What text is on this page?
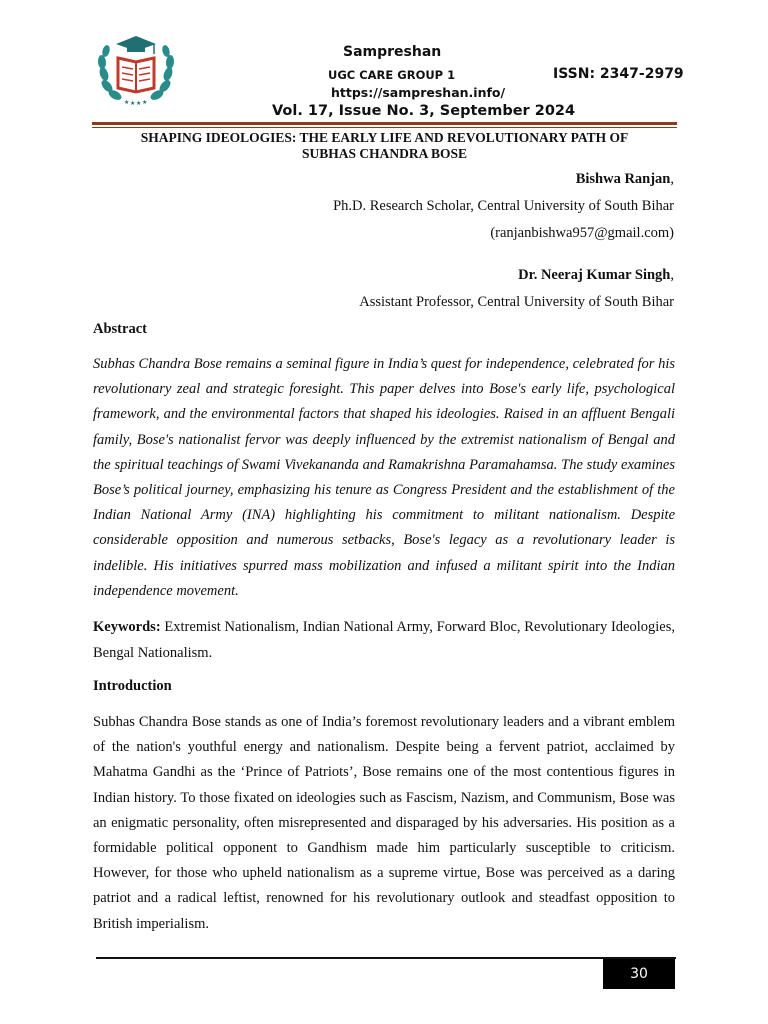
★ ★ ★ ★
Sampreshan
UGC CARE GROUP 1	ISSN: 2347-2979
https://sampreshan.info/
Vol. 17, Issue No. 3, September 2024
SHAPING IDEOLOGIES: THE EARLY LIFE AND REVOLUTIONARY PATH OF
SUBHAS CHANDRA BOSE
Bishwa Ranjan,
Ph.D. Research Scholar, Central University of South Bihar
(ranjanbishwa957@gmail.com)
Dr. Neeraj Kumar Singh,
Assistant Professor, Central University of South Bihar
Abstract
Subhas Chandra Bose remains a seminal figure in India’s quest for independence, celebrated for his revolutionary zeal and strategic foresight. This paper delves into Bose's early life, psychological framework, and the environmental factors that shaped his ideologies. Raised in an affluent Bengali family, Bose's nationalist fervor was deeply influenced by the extremist nationalism of Bengal and the spiritual teachings of Swami Vivekananda and Ramakrishna Paramahamsa. The study examines Bose’s political journey, emphasizing his tenure as Congress President and the establishment of the Indian National Army (INA) highlighting his commitment to militant nationalism. Despite considerable opposition and numerous setbacks, Bose's legacy as a revolutionary leader is indelible. His initiatives spurred mass mobilization and infused a militant spirit into the Indian independence movement.
Keywords: Extremist Nationalism, Indian National Army, Forward Bloc, Revolutionary Ideologies, Bengal Nationalism.
Introduction
Subhas Chandra Bose stands as one of India’s foremost revolutionary leaders and a vibrant emblem of the nation's youthful energy and nationalism. Despite being a fervent patriot, acclaimed by Mahatma Gandhi as the ‘Prince of Patriots’, Bose remains one of the most contentious figures in Indian history. To those fixated on ideologies such as Fascism, Nazism, and Communism, Bose was an enigmatic personality, often misrepresented and disparaged by his adversaries. His position as a formidable political opponent to Gandhism made him particularly susceptible to criticism. However, for those who upheld nationalism as a supreme virtue, Bose was perceived as a daring patriot and a radical leftist, renowned for his revolutionary outlook and steadfast opposition to British imperialism.
30
